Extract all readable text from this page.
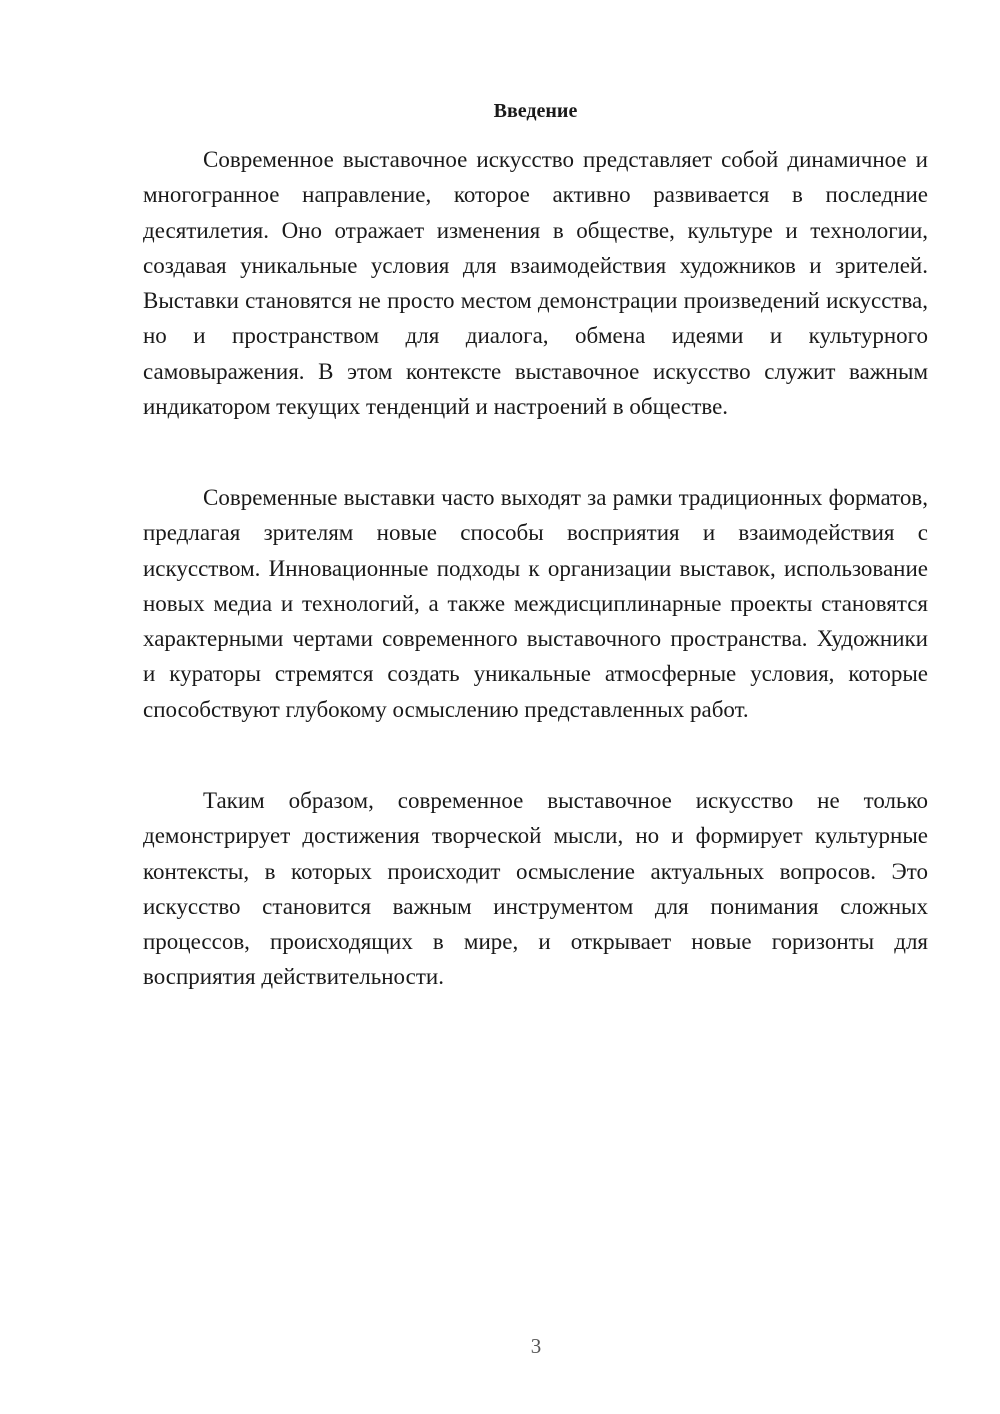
Введение

Современное выставочное искусство представляет собой динамичное и многогранное направление, которое активно развивается в последние десятилетия. Оно отражает изменения в обществе, культуре и технологии, создавая уникальные условия для взаимодействия художников и зрителей. Выставки становятся не просто местом демонстрации произведений искусства, но и пространством для диалога, обмена идеями и культурного самовыражения. В этом контексте выставочное искусство служит важным индикатором текущих тенденций и настроений в обществе.

Современные выставки часто выходят за рамки традиционных форматов, предлагая зрителям новые способы восприятия и взаимодействия с искусством. Инновационные подходы к организации выставок, использование новых медиа и технологий, а также междисциплинарные проекты становятся характерными чертами современного выставочного пространства. Художники и кураторы стремятся создать уникальные атмосферные условия, которые способствуют глубокому осмыслению представленных работ.

Таким образом, современное выставочное искусство не только демонстрирует достижения творческой мысли, но и формирует культурные контексты, в которых происходит осмысление актуальных вопросов. Это искусство становится важным инструментом для понимания сложных процессов, происходящих в мире, и открывает новые горизонты для восприятия действительности.

3
